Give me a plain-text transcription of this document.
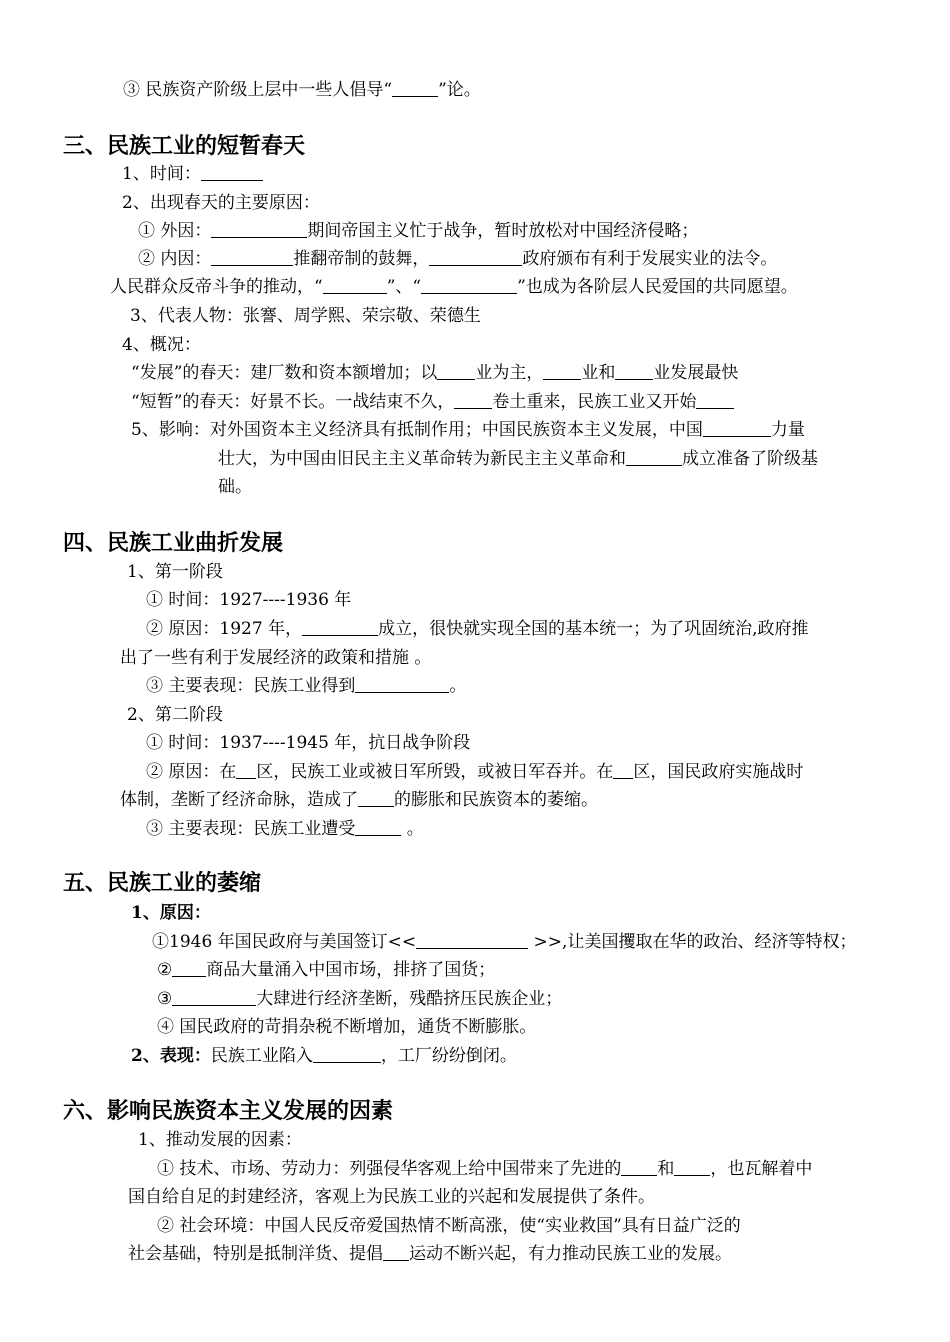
③ 民族资产阶级上层中一些人倡导“	”论。
三、民族工业的短暂春天
1、时间：
2、出现春天的主要原因：
① 外因：	期间帝国主义忙于战争，暂时放松对中国经济侵略；
② 内因：	推翻帝制的鼓舞，	政府颁布有利于发展实业的法令。
人民群众反帝斗争的推动，“	”、“	”也成为各阶层人民爱国的共同愿望。
3、代表人物：张謇、周学熙、荣宗敬、荣德生
4、概况：
“发展”的春天：建厂数和资本额增加；以 业为主， 业和 业发展最快
“短暂”的春天：好景不长。一战结束不久， 卷土重来，民族工业又开始
5、影响：对外国资本主义经济具有抵制作用；中国民族资本主义发展，中国	力量
壮大，为中国由旧民主主义革命转为新民主主义革命和	成立准备了阶级基
础。
四、民族工业曲折发展
1、第一阶段
① 时间：1927----1936 年
② 原因：1927 年，	成立，很快就实现全国的基本统一；为了巩固统治,政府推
出了一些有利于发展经济的政策和措施 。
③ 主要表现：民族工业得到	。
2、第二阶段
① 时间：1937----1945 年，抗日战争阶段
② 原因：在 区，民族工业或被日军所毁，或被日军吞并。在 区，国民政府实施战时
体制，垄断了经济命脉，造成了 的膨胀和民族资本的萎缩。
③ 主要表现：民族工业遭受	。
五、民族工业的萎缩
1、原因：
①1946 年国民政府与美国签订<<	>>,让美国攫取在华的政治、经济等特权；
② 商品大量涌入中国市场，排挤了国货；
③	大肆进行经济垄断，残酷挤压民族企业；
④ 国民政府的苛捐杂税不断增加，通货不断膨胀。
2、表现：民族工业陷入	，工厂纷纷倒闭。
六、影响民族资本主义发展的因素
1、推动发展的因素：
① 技术、市场、劳动力：列强侵华客观上给中国带来了先进的 和 ，也瓦解着中
国自给自足的封建经济，客观上为民族工业的兴起和发展提供了条件。
② 社会环境：中国人民反帝爱国热情不断高涨，使“实业救国”具有日益广泛的
社会基础，特别是抵制洋货、提倡 运动不断兴起，有力推动民族工业的发展。
